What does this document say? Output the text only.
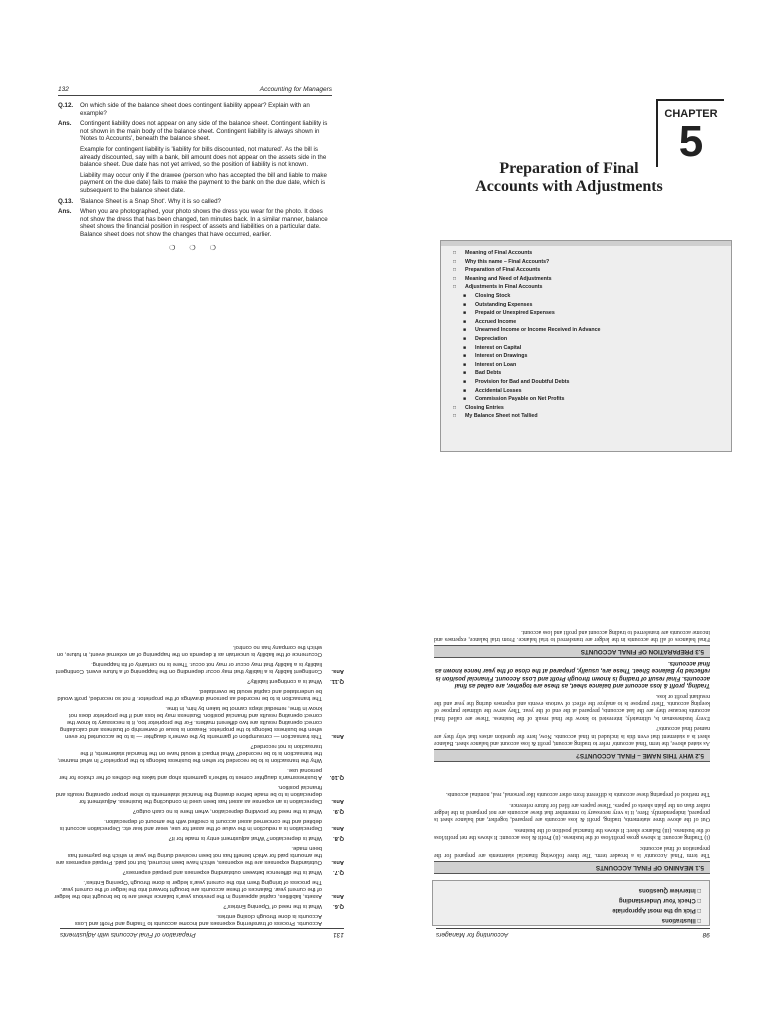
132	Accounting for Managers
Q.12.	On which side of the balance sheet does contingent liability appear? Explain with an example?
Ans.	Contingent liability does not appear on any side of the balance sheet. Contingent liability is not shown in the main body of the balance sheet. Contingent liability is always shown in 'Notes to Accounts', beneath the balance sheet.
Example for contingent liability is 'liability for bills discounted, not matured'. As the bill is already discounted, say with a bank, bill amount does not appear on the assets side in the balance sheet. Due date has not yet arrived, so the position of liability is not known.
Liability may occur only if the drawee (person who has accepted the bill and liable to make payment on the due date) fails to make the payment to the bank on the due date, which is subsequent to the balance sheet date.
Q.13.	'Balance Sheet is a Snap Shot'. Why it is so called?
Ans.	When you are photographed, your photo shows the dress you wear for the photo. It does not show the dress that has been changed, ten minutes back. In a similar manner, balance sheet shows the financial position in respect of assets and liabilities on a particular date. Balance sheet does not show the changes that have occurred, earlier.
❍ ❍ ❍
CHAPTER
5
Preparation of Final
Accounts with Adjustments
□	Meaning of Final Accounts
□	Why this name – Final Accounts?
□	Preparation of Final Accounts
□	Meaning and Need of Adjustments
□	Adjustments in Final Accounts
■	Closing Stock
■	Outstanding Expenses
■	Prepaid or Unexpired Expenses
■	Accrued Income
■	Unearned Income or Income Received in Advance
■	Depreciation
■	Interest on Capital
■	Interest on Drawings
■	Interest on Loan
■	Bad Debts
■	Provision for Bad and Doubtful Debts
■	Accidental Losses
■	Commission Payable on Net Profits
□	Closing Entries
□	My Balance Sheet not Tallied
98
Accounting for Managers
□ Illustrations
□ Pick up the most Appropriate
□ Check Your Understanding
□ Interview Questions
5.1 MEANING OF FINAL ACCOUNTS

The term 'Final Accounts' is a broader term. The three following financial statements are prepared for the preparation of final accounts:

(i) Trading account: It shows gross profit/loss of the business. (ii) Profit & loss account: It shows the net profit/loss of the business. (iii) Balance sheet: It shows the financial position of the business.

Out of the above three statements, trading, profit & loss accounts are prepared, together, and balance sheet is prepared, independently. Here, it is very necessary to remember that these accounts are not prepared in the ledger rather than on the plain sheets of papers. These papers are filed for future reference.

The method of preparing these accounts is different from other accounts like personal, real, nominal accounts.

5.2 WHY THIS NAME – FINAL ACCOUNTS?

As stated above, the term 'final accounts' refer to trading account, profit & loss account and balance sheet. Balance sheet is a statement that even this is included in final accounts. Now, here the question arises that why they are named final accounts?

Every businessman is, ultimately, interested to know the final result of the business. These are called final accounts because they are the last accounts, prepared at the end of the year. They serve the ultimate purpose of keeping accounts. Their purpose is to analyze the effect of various events and expenses during the year and the resultant profit or loss.

Trading, profit & loss account and balance sheet, as these are together, are called as final accounts. Final result of trading is known through Profit and Loss Account. Financial position is reflected by Balance Sheet. These are, usually, prepared at the close of the year hence known as final accounts.
5.3 PREPARATION OF FINAL ACCOUNTS

Final balances of all the accounts in the ledger are transferred to trial balance. From trial balance, expenses and income accounts are transferred to trading account and profit and loss account.

131
Preparation of Final Accounts with Adjustments
Accounts. Process of transferring expenses and income accounts to Trading and Profit and Loss Accounts is done through closing entries.
Q.6.
What is the need of 'Opening Entries'?
Ans.
Assets, liabilities, capital appearing in the previous year's balance sheet are to be brought into the ledger of the current year. Balances of these accounts are brought forward into the ledger of the current year. The process of bringing them into the current year's ledger is done through 'Opening Entries'.
Q.7.
What is the difference between outstanding expenses and prepaid expenses?
Ans.
Outstanding expenses are the expenses, which have been incurred, but not paid. Prepaid expenses are the amounts paid for which benefit has not been received during the year in which the payment has been made.
Q.8.
What is depreciation? What adjustment entry is made for it?
Ans.
Depreciation is a reduction in the value of the asset for use, wear and tear etc. Depreciation account is debited and the concerned asset account is credited with the amount of depreciation.
Q.9.
What is the need for providing depreciation, when there is no cash outgo?
Ans.
Depreciation is an expense as asset has been used in conducting the business. Adjustment for depreciation is to be made before drawing the financial statements to show proper operating results and financial position.
Q.10.
A businessman's daughter comes to father's garments shop and takes the clothes of her choice for her personal use.
Why the transaction is to be recorded for when the business belongs to the proprietor? In what manner, the transaction is to be recorded? What impact it would have on the financial statements, if the transaction is not recorded?
Ans.
This transaction — consumption of garments by the owner's daughter — is to be accounted for even when the business belongs to the proprietor. Reason is issue of ownership of business and calculating correct operating results are two different matters. For the proprietor too, it is necessary to know the correct operating results and financial position. Business may be loss and if the proprietor does not know in time, remedial steps cannot be taken by him, in time.
The transaction is to be recorded as personal drawings of the proprietor. If not so recorded, profit would be understated and capital would be overstated.
Q.11.
What is a contingent liability?
Ans.
Contingent liability is a liability that may occur depending on the happening of a future event. Contingent liability is a liability that may occur or may not occur. There is no certainty of its happening.
Occurrence of the liability is uncertain as it depends on the happening of an external event, in future, on which the company has no control.
